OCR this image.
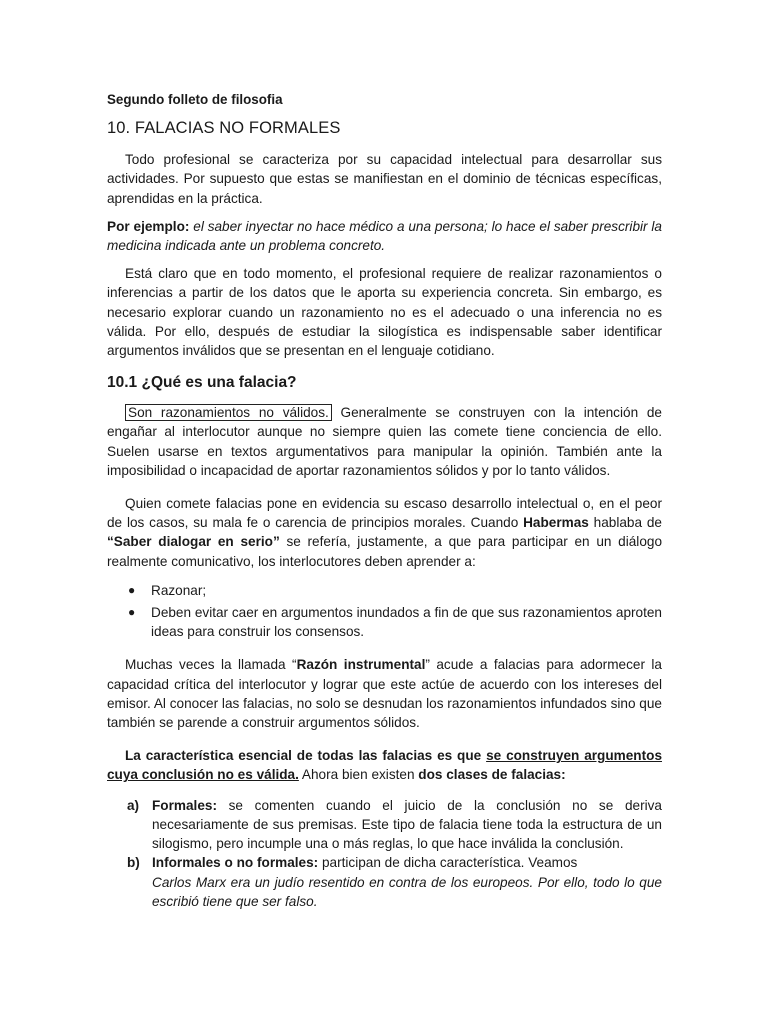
Segundo folleto de filosofia

10. FALACIAS NO FORMALES

Todo profesional se caracteriza por su capacidad intelectual para desarrollar sus actividades. Por supuesto que estas se manifiestan en el dominio de técnicas específicas, aprendidas en la práctica.

Por ejemplo: el saber inyectar no hace médico a una persona; lo hace el saber prescribir la medicina indicada ante un problema concreto.

Está claro que en todo momento, el profesional requiere de realizar razonamientos o inferencias a partir de los datos que le aporta su experiencia concreta. Sin embargo, es necesario explorar cuando un razonamiento no es el adecuado o una inferencia no es válida. Por ello, después de estudiar la silogística es indispensable saber identificar argumentos inválidos que se presentan en el lenguaje cotidiano.

10.1 ¿Qué es una falacia?

Son razonamientos no válidos. Generalmente se construyen con la intención de engañar al interlocutor aunque no siempre quien las comete tiene conciencia de ello. Suelen usarse en textos argumentativos para manipular la opinión. También ante la imposibilidad o incapacidad de aportar razonamientos sólidos y por lo tanto válidos.

Quien comete falacias pone en evidencia su escaso desarrollo intelectual o, en el peor de los casos, su mala fe o carencia de principios morales. Cuando Habermas hablaba de “Saber dialogar en serio” se refería, justamente, a que para participar en un diálogo realmente comunicativo, los interlocutores deben aprender a:

● Razonar;
● Deben evitar caer en argumentos inundados a fin de que sus razonamientos aproten ideas para construir los consensos.

Muchas veces la llamada “Razón instrumental” acude a falacias para adormecer la capacidad crítica del interlocutor y lograr que este actúe de acuerdo con los intereses del emisor. Al conocer las falacias, no solo se desnudan los razonamientos infundados sino que también se parende a construir argumentos sólidos.

La característica esencial de todas las falacias es que se construyen argumentos cuya conclusión no es válida. Ahora bien existen dos clases de falacias:

a) Formales: se comenten cuando el juicio de la conclusión no se deriva necesariamente de sus premisas. Este tipo de falacia tiene toda la estructura de un silogismo, pero incumple una o más reglas, lo que hace inválida la conclusión.
b) Informales o no formales: participan de dicha característica. Veamos
Carlos Marx era un judío resentido en contra de los europeos. Por ello, todo lo que escribió tiene que ser falso.
